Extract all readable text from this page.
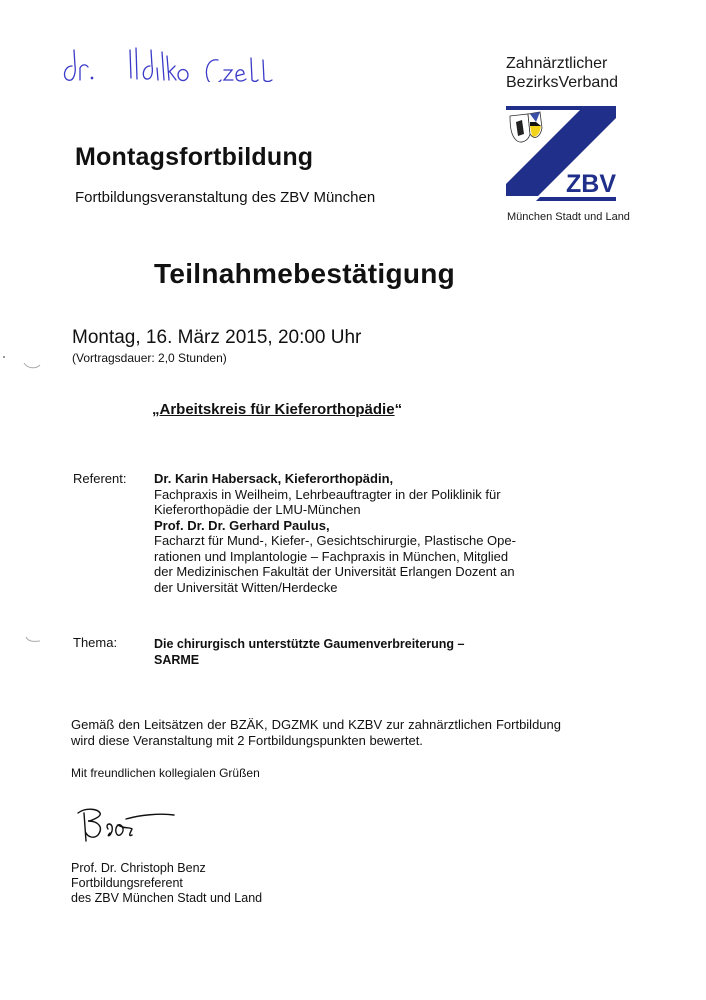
Zahnärztlicher
BezirksVerband
ZBV
München Stadt und Land
Montagsfortbildung
Fortbildungsveranstaltung des ZBV München
Teilnahmebestätigung
Montag, 16. März 2015, 20:00 Uhr
(Vortragsdauer: 2,0 Stunden)
„Arbeitskreis für Kieferorthopädie“
Referent: Dr. Karin Habersack, Kieferorthopädin,
Fachpraxis in Weilheim, Lehrbeauftragter in der Poliklinik für
Kieferorthopädie der LMU-München
Prof. Dr. Dr. Gerhard Paulus,
Facharzt für Mund-, Kiefer-, Gesichtschirurgie, Plastische Ope-
rationen und Implantologie – Fachpraxis in München, Mitglied
der Medizinischen Fakultät der Universität Erlangen Dozent an
der Universität Witten/Herdecke
Thema:	Die chirurgisch unterstützte Gaumenverbreiterung –
SARME
Gemäß den Leitsätzen der BZÄK, DGZMK und KZBV zur zahnärztlichen Fortbildung wird diese Veranstaltung mit 2 Fortbildungspunkten bewertet.
Mit freundlichen kollegialen Grüßen
Prof. Dr. Christoph Benz
Fortbildungsreferent
des ZBV München Stadt und Land
